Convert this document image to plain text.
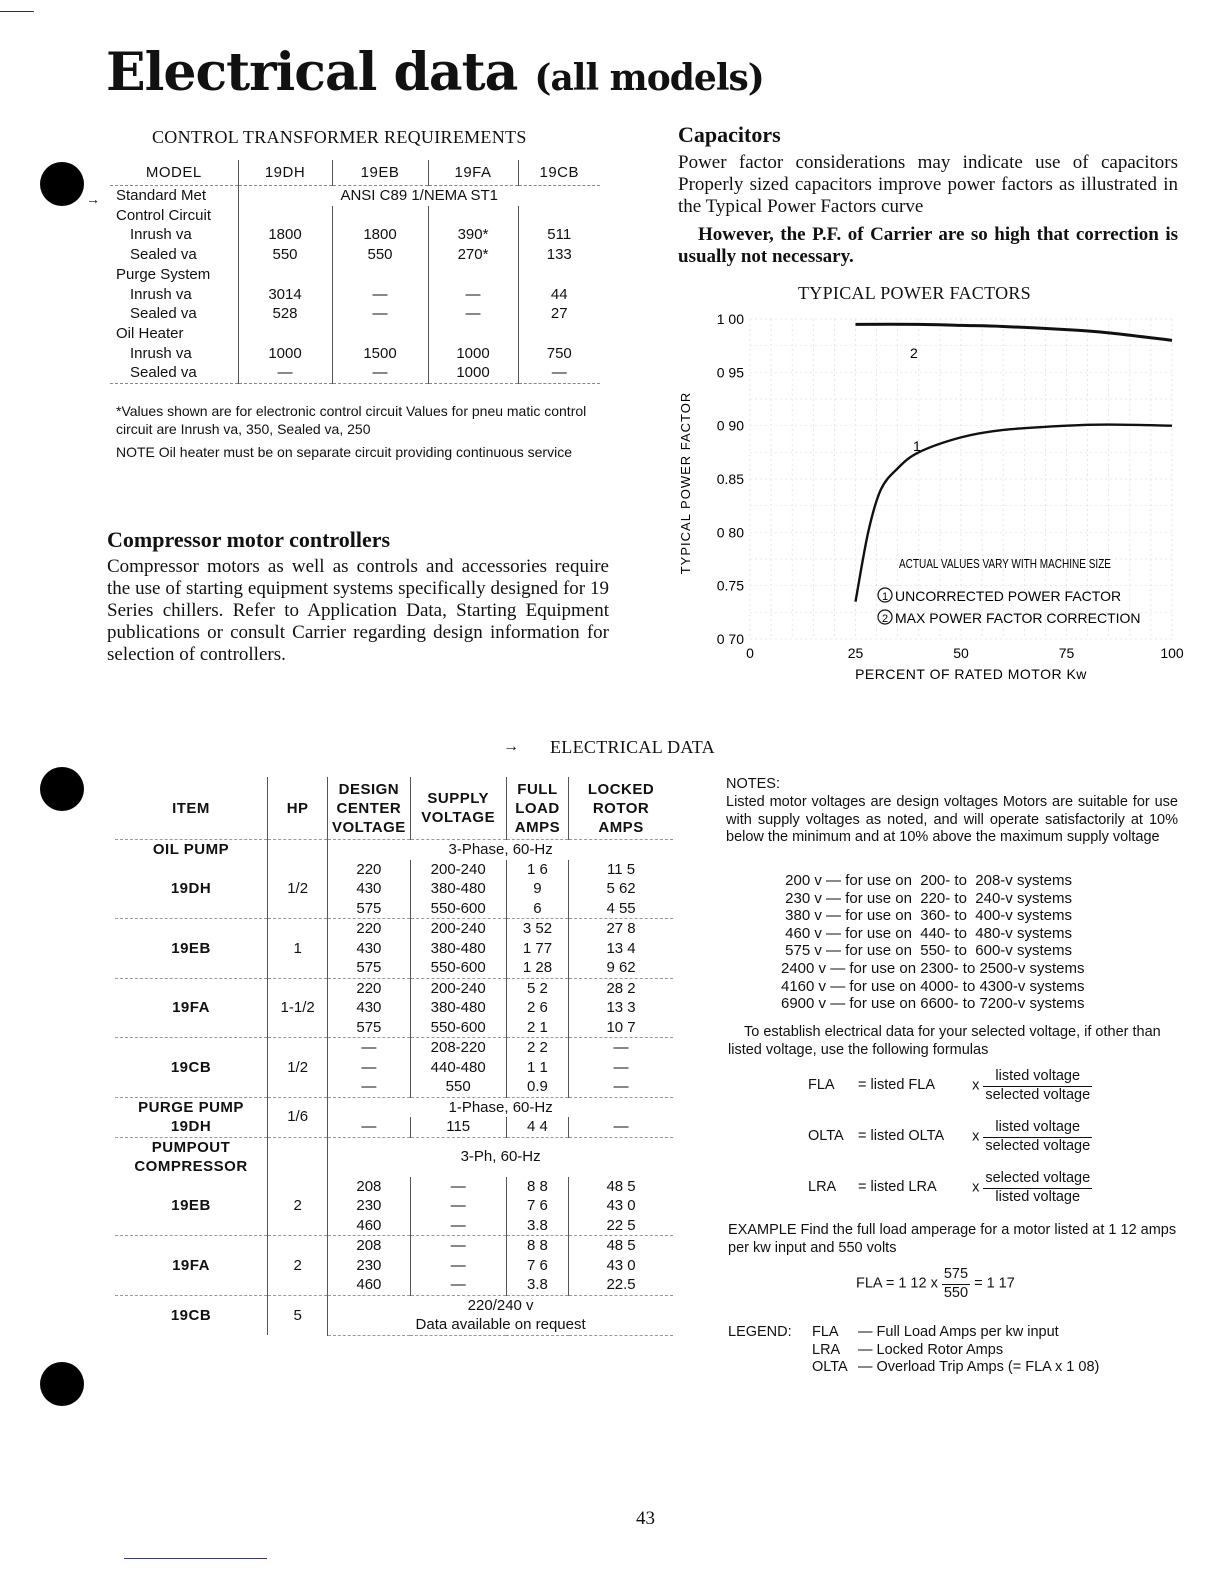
Electrical data (all models)
CONTROL TRANSFORMER REQUIREMENTS
→
MODEL	19DH	19EB	19FA	19CB
Standard Met	ANSI C89 1/NEMA ST1			
Control Circuit				
Inrush va	1800	1800	390*	511
Sealed va	550	550	270*	133
Purge System				
Inrush va	3014	—	—	44
Sealed va	528	—	—	27
Oil Heater				
Inrush va	1000	1500	1000	750
Sealed va	—	—	1000	—
*Values shown are for electronic control circuit Values for pneu matic control circuit are Inrush va, 350, Sealed va, 250
NOTE Oil heater must be on separate circuit providing continuous service
Compressor motor controllers
Compressor motors as well as controls and accessories require the use of starting equipment systems specifically designed for 19 Series chillers. Refer to Application Data, Starting Equipment publications or consult Carrier regarding design information for selection of controllers.
Capacitors
Power factor considerations may indicate use of capacitors Properly sized capacitors improve power factors as illustrated in the Typical Power Factors curve
However, the P.F. of Carrier are so high that correction is usually not necessary.
TYPICAL POWER FACTORS
TYPICAL POWER FACTOR
PERCENT OF RATED MOTOR Kw
1 00
0 95
0 90
0.85
0 80
0.75
0 70
0	25	50	75	100
2
1
ACTUAL VALUES VARY WITH MACHINE SIZE
1 UNCORRECTED POWER FACTOR
2 MAX POWER FACTOR CORRECTION
→ ELECTRICAL DATA
ITEM	HP	DESIGN CENTER VOLTAGE	SUPPLY VOLTAGE	FULL LOAD AMPS	LOCKED ROTOR AMPS
OIL PUMP		3-Phase, 60-Hz			
19DH	1/2	220	200-240	1 6	11 5
		430	380-480	9	5 62
		575	550-600	6	4 55
19EB	1	220	200-240	3 52	27 8
		430	380-480	1 77	13 4
		575	550-600	1 28	9 62
19FA	1-1/2	220	200-240	5 2	28 2
		430	380-480	2 6	13 3
		575	550-600	2 1	10 7
19CB	1/2	—	208-220	2 2	—
		—	440-480	1 1	—
		—	550	0.9	—
PURGE PUMP	1/6	1-Phase, 60-Hz			
19DH		—	115	4 4	—
PUMPOUT		3-Ph, 60-Hz			
COMPRESSOR					
19EB	2	208	—	8 8	48 5
		230	—	7 6	43 0
		460	—	3.8	22 5
19FA	2	208	—	8 8	48 5
		230	—	7 6	43 0
		460	—	3.8	22.5
19CB	5	220/240 v			
		Data available on request			
NOTES:
Listed motor voltages are design voltages Motors are suitable for use with supply voltages as noted, and will operate satisfactorily at 10% below the minimum and at 10% above the maximum supply voltage
200 v — for use on  200- to  208-v systems
230 v — for use on  220- to  240-v systems
380 v — for use on  360- to  400-v systems
460 v — for use on  440- to  480-v systems
575 v — for use on  550- to  600-v systems
2400 v — for use on 2300- to 2500-v systems
4160 v — for use on 4000- to 4300-v systems
6900 v — for use on 6600- to 7200-v systems
To establish electrical data for your selected voltage, if other than listed voltage, use the following formulas
FLA = listed FLA	x $\frac{\text{listed voltage}}{\text{selected voltage}}$
OLTA = listed OLTA x $\frac{\text{listed voltage}}{\text{selected voltage}}$
LRA = listed LRA x $\frac{\text{selected voltage}}{\text{listed voltage}}$
EXAMPLE Find the full load amperage for a motor listed at 1 12 amps per kw input and 550 volts
FLA = 1 12 x $\frac{575}{550} = 1$ 17
LEGEND: FLA — Full Load Amps per kw input
LRA — Locked Rotor Amps
OLTA — Overload Trip Amps (= FLA x 1 08)
43
